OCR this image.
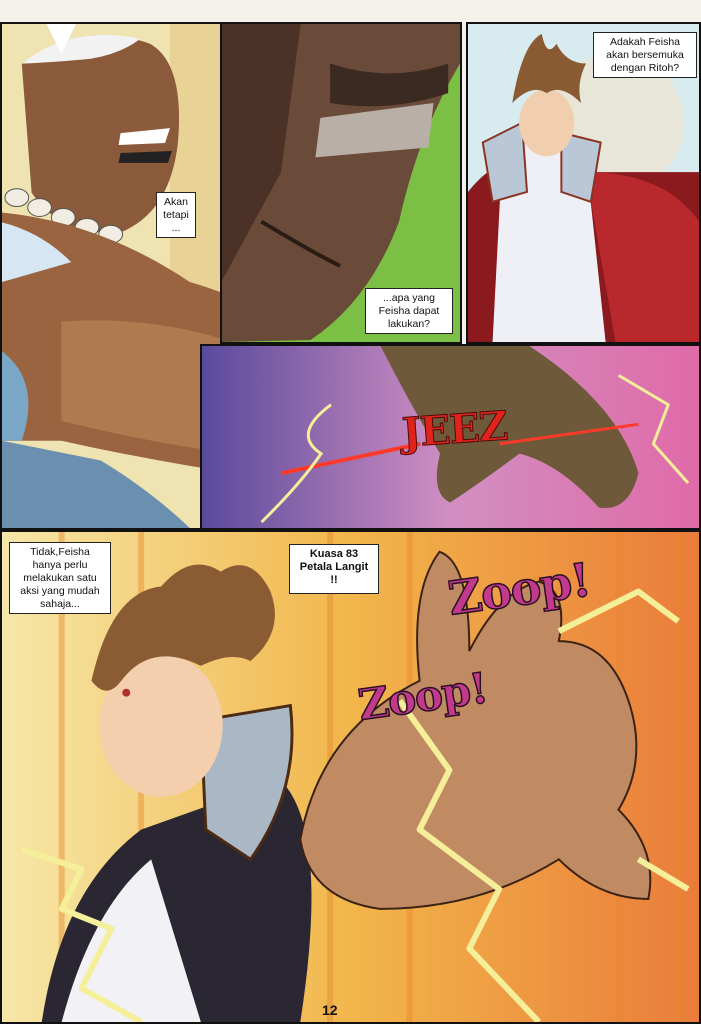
Akan
tetapi
...
...apa yang
Feisha dapat
lakukan?
Adakah Feisha
akan bersemuka
dengan Ritoh?
JEEZ
Tidak,Feisha
hanya perlu
melakukan satu
aksi yang mudah
sahaja...
Kuasa 83
Petala Langit
!!	Zoop!
Zoop!
12
